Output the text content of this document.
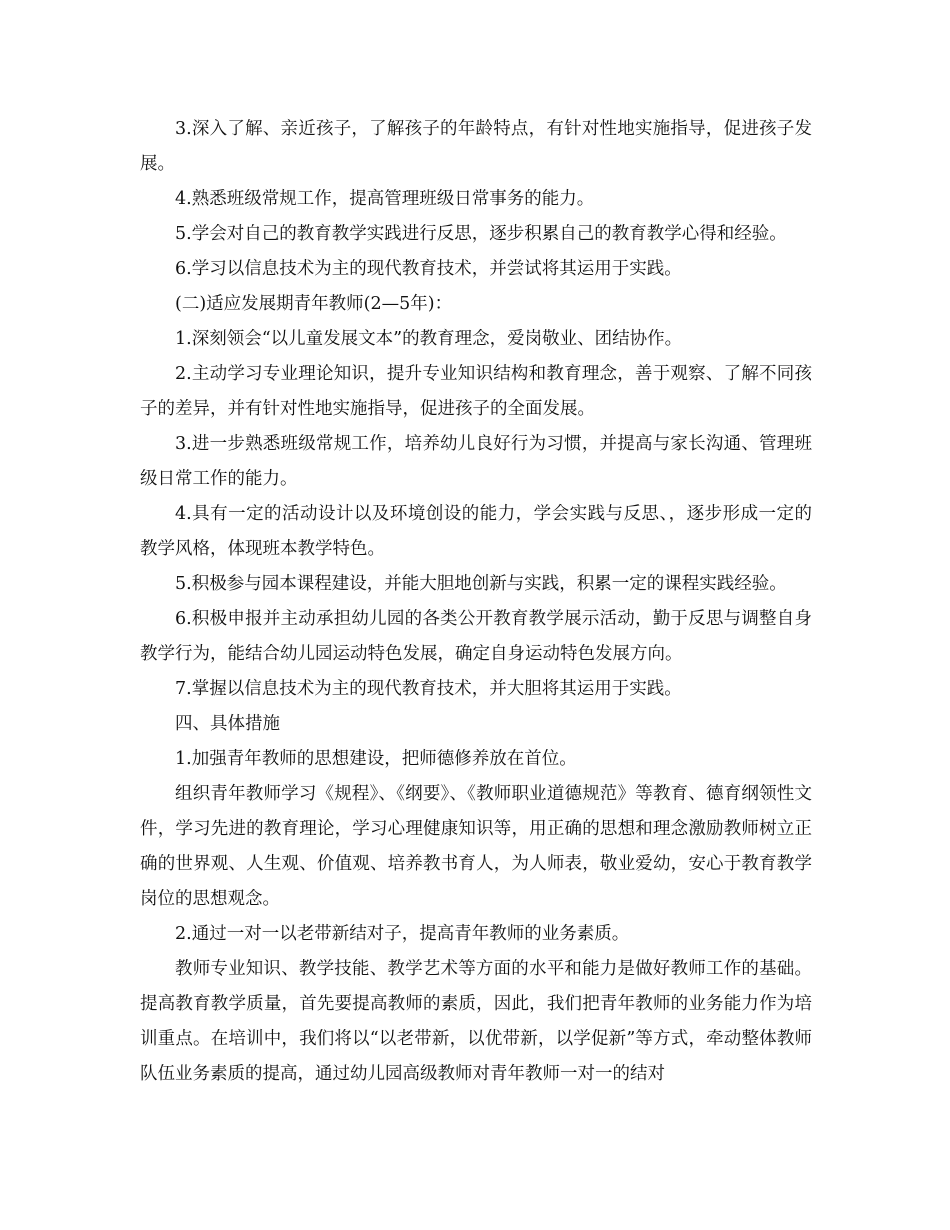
3.深入了解、亲近孩子，了解孩子的年龄特点，有针对性地实施指导，促进孩子发展。

4.熟悉班级常规工作，提高管理班级日常事务的能力。

5.学会对自己的教育教学实践进行反思，逐步积累自己的教育教学心得和经验。

6.学习以信息技术为主的现代教育技术，并尝试将其运用于实践。

(二)适应发展期青年教师(2—5年)：

1.深刻领会“以儿童发展文本”的教育理念，爱岗敬业、团结协作。

2.主动学习专业理论知识，提升专业知识结构和教育理念，善于观察、了解不同孩子的差异，并有针对性地实施指导，促进孩子的全面发展。

3.进一步熟悉班级常规工作，培养幼儿良好行为习惯，并提高与家长沟通、管理班级日常工作的能力。

4.具有一定的活动设计以及环境创设的能力，学会实践与反思、，逐步形成一定的教学风格，体现班本教学特色。

5.积极参与园本课程建设，并能大胆地创新与实践，积累一定的课程实践经验。

6.积极申报并主动承担幼儿园的各类公开教育教学展示活动，勤于反思与调整自身教学行为，能结合幼儿园运动特色发展，确定自身运动特色发展方向。

7.掌握以信息技术为主的现代教育技术，并大胆将其运用于实践。

四、具体措施

1.加强青年教师的思想建设，把师德修养放在首位。

组织青年教师学习《规程》、《纲要》、《教师职业道德规范》等教育、德育纲领性文件，学习先进的教育理论，学习心理健康知识等，用正确的思想和理念激励教师树立正确的世界观、人生观、价值观、培养教书育人，为人师表，敬业爱幼，安心于教育教学岗位的思想观念。

2.通过一对一以老带新结对子，提高青年教师的业务素质。

教师专业知识、教学技能、教学艺术等方面的水平和能力是做好教师工作的基础。提高教育教学质量，首先要提高教师的素质，因此，我们把青年教师的业务能力作为培训重点。在培训中，我们将以“以老带新，以优带新，以学促新”等方式，牵动整体教师队伍业务素质的提高，通过幼儿园高级教师对青年教师一对一的结对
